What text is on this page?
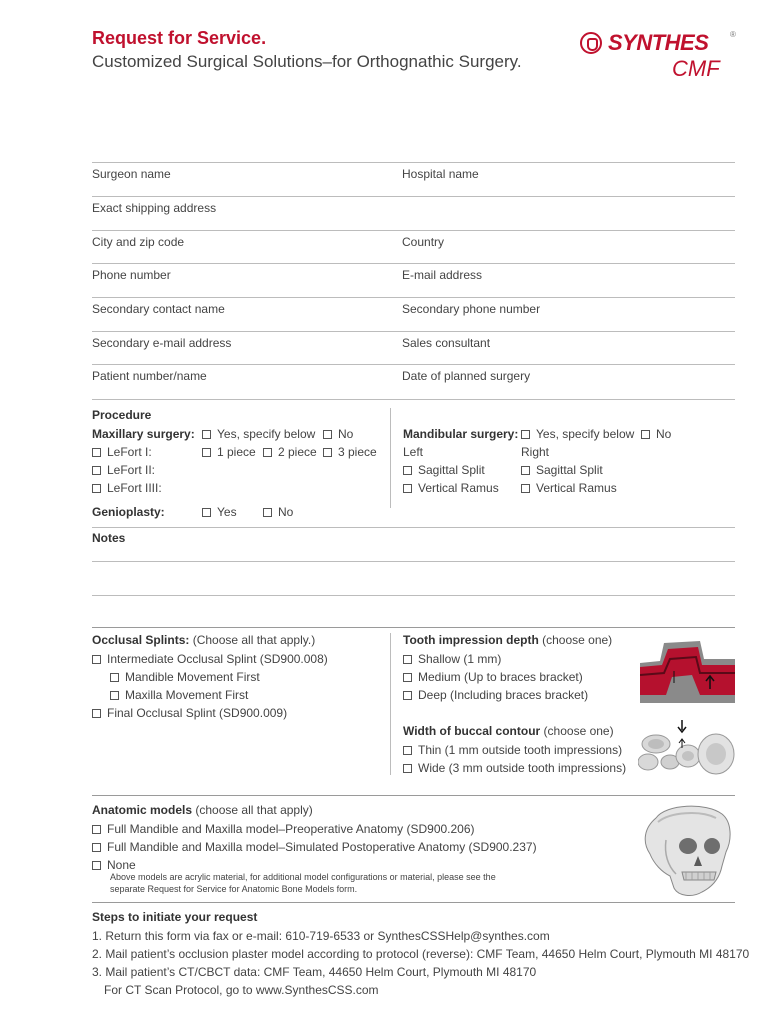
Request for Service.
Customized Surgical Solutions–for Orthognathic Surgery.
SYNTHES	®
CMF
Surgeon name	Hospital name
Exact shipping address
City and zip code	Country
Phone number	E-mail address
Secondary contact name	Secondary phone number
Secondary e-mail address	Sales consultant
Patient number/name	Date of planned surgery
Procedure
Maxillary surgery:	Yes, specify below	No
LeFort I:	1 piece	2 piece	3 piece
LeFort II:
LeFort IIII:
Genioplasty:	Yes	No
Mandibular surgery:	Yes, specify below	No
Left	Right
Sagittal Split	Sagittal Split
Vertical Ramus	Vertical Ramus
Notes
Occlusal Splints: (Choose all that apply.)
Intermediate Occlusal Splint (SD900.008)
Mandible Movement First
Maxilla Movement First
Final Occlusal Splint (SD900.009)
Tooth impression depth (choose one)
Shallow (1 mm)
Medium (Up to braces bracket)
Deep (Including braces bracket)
Width of buccal contour (choose one)
Thin (1 mm outside tooth impressions)
Wide (3 mm outside tooth impressions)
Anatomic models (choose all that apply)
Full Mandible and Maxilla model–Preoperative Anatomy (SD900.206)
Full Mandible and Maxilla model–Simulated Postoperative Anatomy (SD900.237)
None
Above models are acrylic material, for additional model configurations or material, please see the
separate Request for Service for Anatomic Bone Models form.
Steps to initiate your request
1. Return this form via fax or e-mail: 610-719-6533 or SynthesCSSHelp@synthes.com
2. Mail patient’s occlusion plaster model according to protocol (reverse): CMF Team, 44650 Helm Court, Plymouth MI 48170
3. Mail patient’s CT/CBCT data: CMF Team, 44650 Helm Court, Plymouth MI 48170
For CT Scan Protocol, go to www.SynthesCSS.com
